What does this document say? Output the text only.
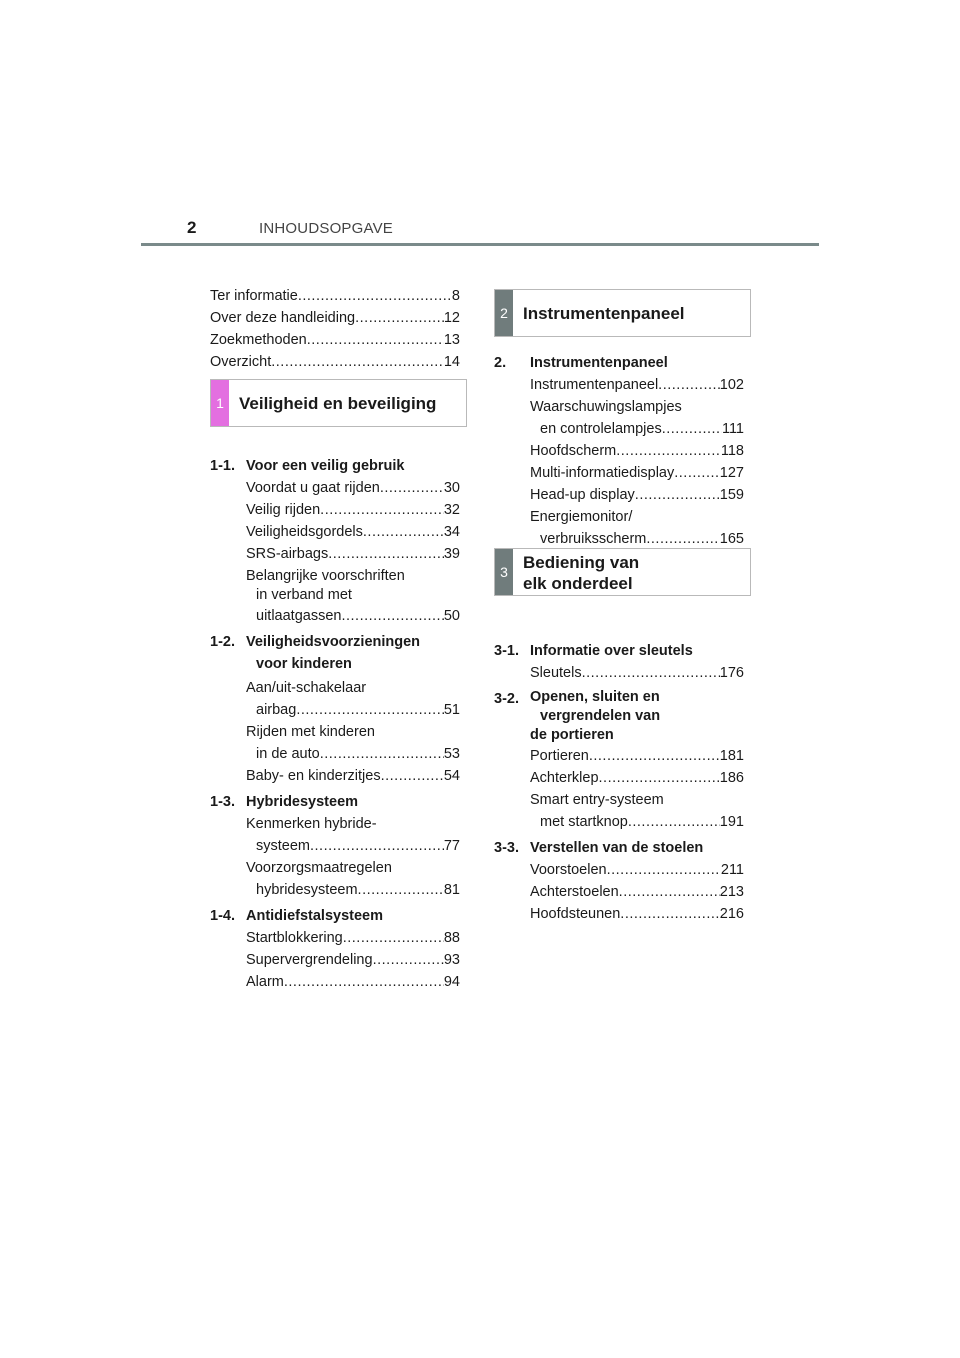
2	INHOUDSOPGAVE
Ter informatie .....	8
Over deze handleiding .....	12
Zoekmethoden .....	13
Overzicht .....	14
1-1. Voor een veilig gebruik
Voordat u gaat rijden .....	30
Veilig rijden .....	32
Veiligheidsgordels .....	34
SRS-airbags .....	39
Belangrijke voorschriften
in verband met
uitlaatgassen .....	50
1-2. Veiligheidsvoorzieningen
voor kinderen
Aan/uit-schakelaar
airbag .....	51
Rijden met kinderen
in de auto .....	53
Baby- en kinderzitjes .....	54
1-3. Hybridesysteem
Kenmerken hybride-
systeem .....	77
Voorzorgsmaatregelen
hybridesysteem .....	81
1-4. Antidiefstalsysteem
Startblokkering .....	88
Supervergrendeling .....	93
Alarm .....	94
1 Veiligheid en beveiliging
2 Instrumentenpaneel
2.	Instrumentenpaneel
Instrumentenpaneel .....	102
Waarschuwingslampjes
en controlelampjes .....	111
Hoofdscherm .....	118
Multi-informatiedisplay .....	127
Head-up display .....	159
Energiemonitor/
verbruiksscherm .....	165
3-1. Informatie over sleutels
Sleutels .....	176
3-2. Openen, sluiten en
vergrendelen van
de portieren
Portieren .....	181
Achterklep .....	186
Smart entry-systeem
met startknop .....	191
3-3. Verstellen van de stoelen
Voorstoelen .....	211
Achterstoelen .....	213
Hoofdsteunen .....	216
3 Bediening van
elk onderdeel
